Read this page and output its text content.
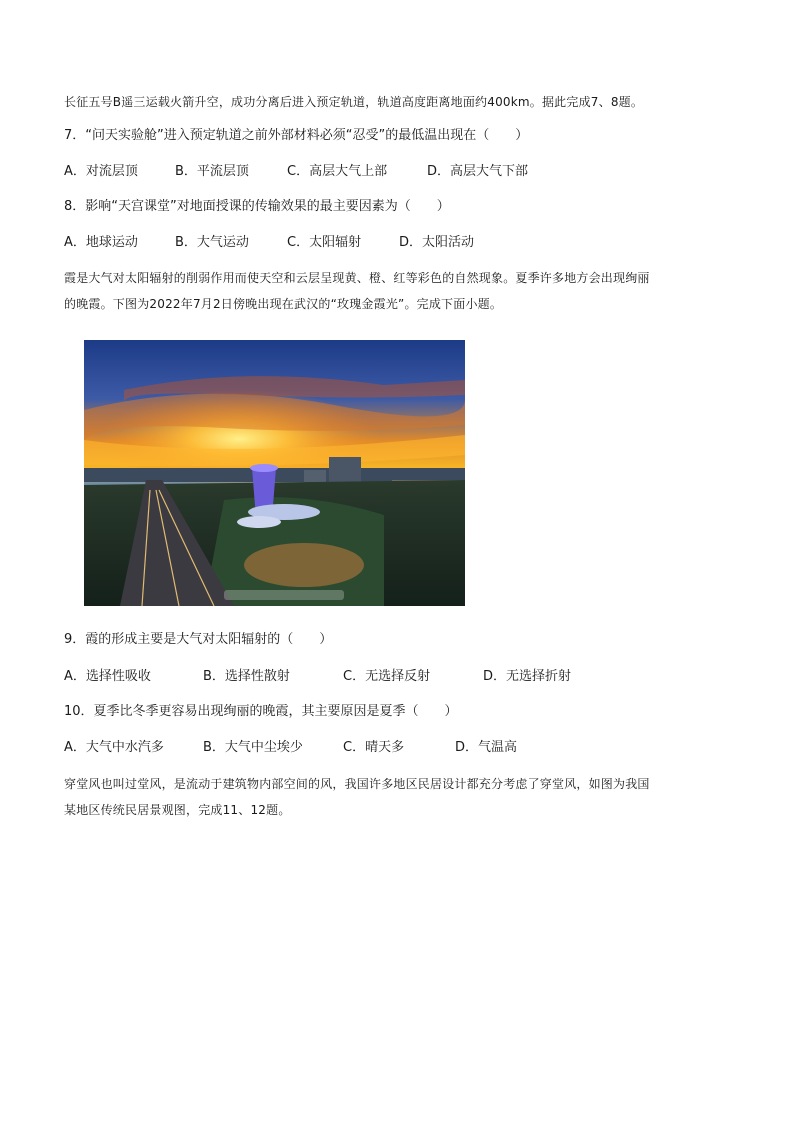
长征五号B遥三运载火箭升空，成功分离后进入预定轨道，轨道高度距离地面约400km。据此完成7、8题。
7．“问天实验舱”进入预定轨道之前外部材料必须“忍受”的最低温出现在（　　）
A．对流层顶	B．平流层顶	C．高层大气上部	D．高层大气下部
8．影响“天宫课堂”对地面授课的传输效果的最主要因素为（　　）
A．地球运动	B．大气运动	C．太阳辐射	D．太阳活动
霞是大气对太阳辐射的削弱作用而使天空和云层呈现黄、橙、红等彩色的自然现象。夏季许多地方会出现绚丽
的晚霞。下图为2022年7月2日傍晚出现在武汉的“玫瑰金霞光”。完成下面小题。
9．霞的形成主要是大气对太阳辐射的（　　）
A．选择性吸收	B．选择性散射	C．无选择反射	D．无选择折射
10．夏季比冬季更容易出现绚丽的晚霞，其主要原因是夏季（　　）
A．大气中水汽多	B．大气中尘埃少	C．晴天多	D．气温高
穿堂风也叫过堂风，是流动于建筑物内部空间的风，我国许多地区民居设计都充分考虑了穿堂风，如图为我国
某地区传统民居景观图，完成11、12题。
